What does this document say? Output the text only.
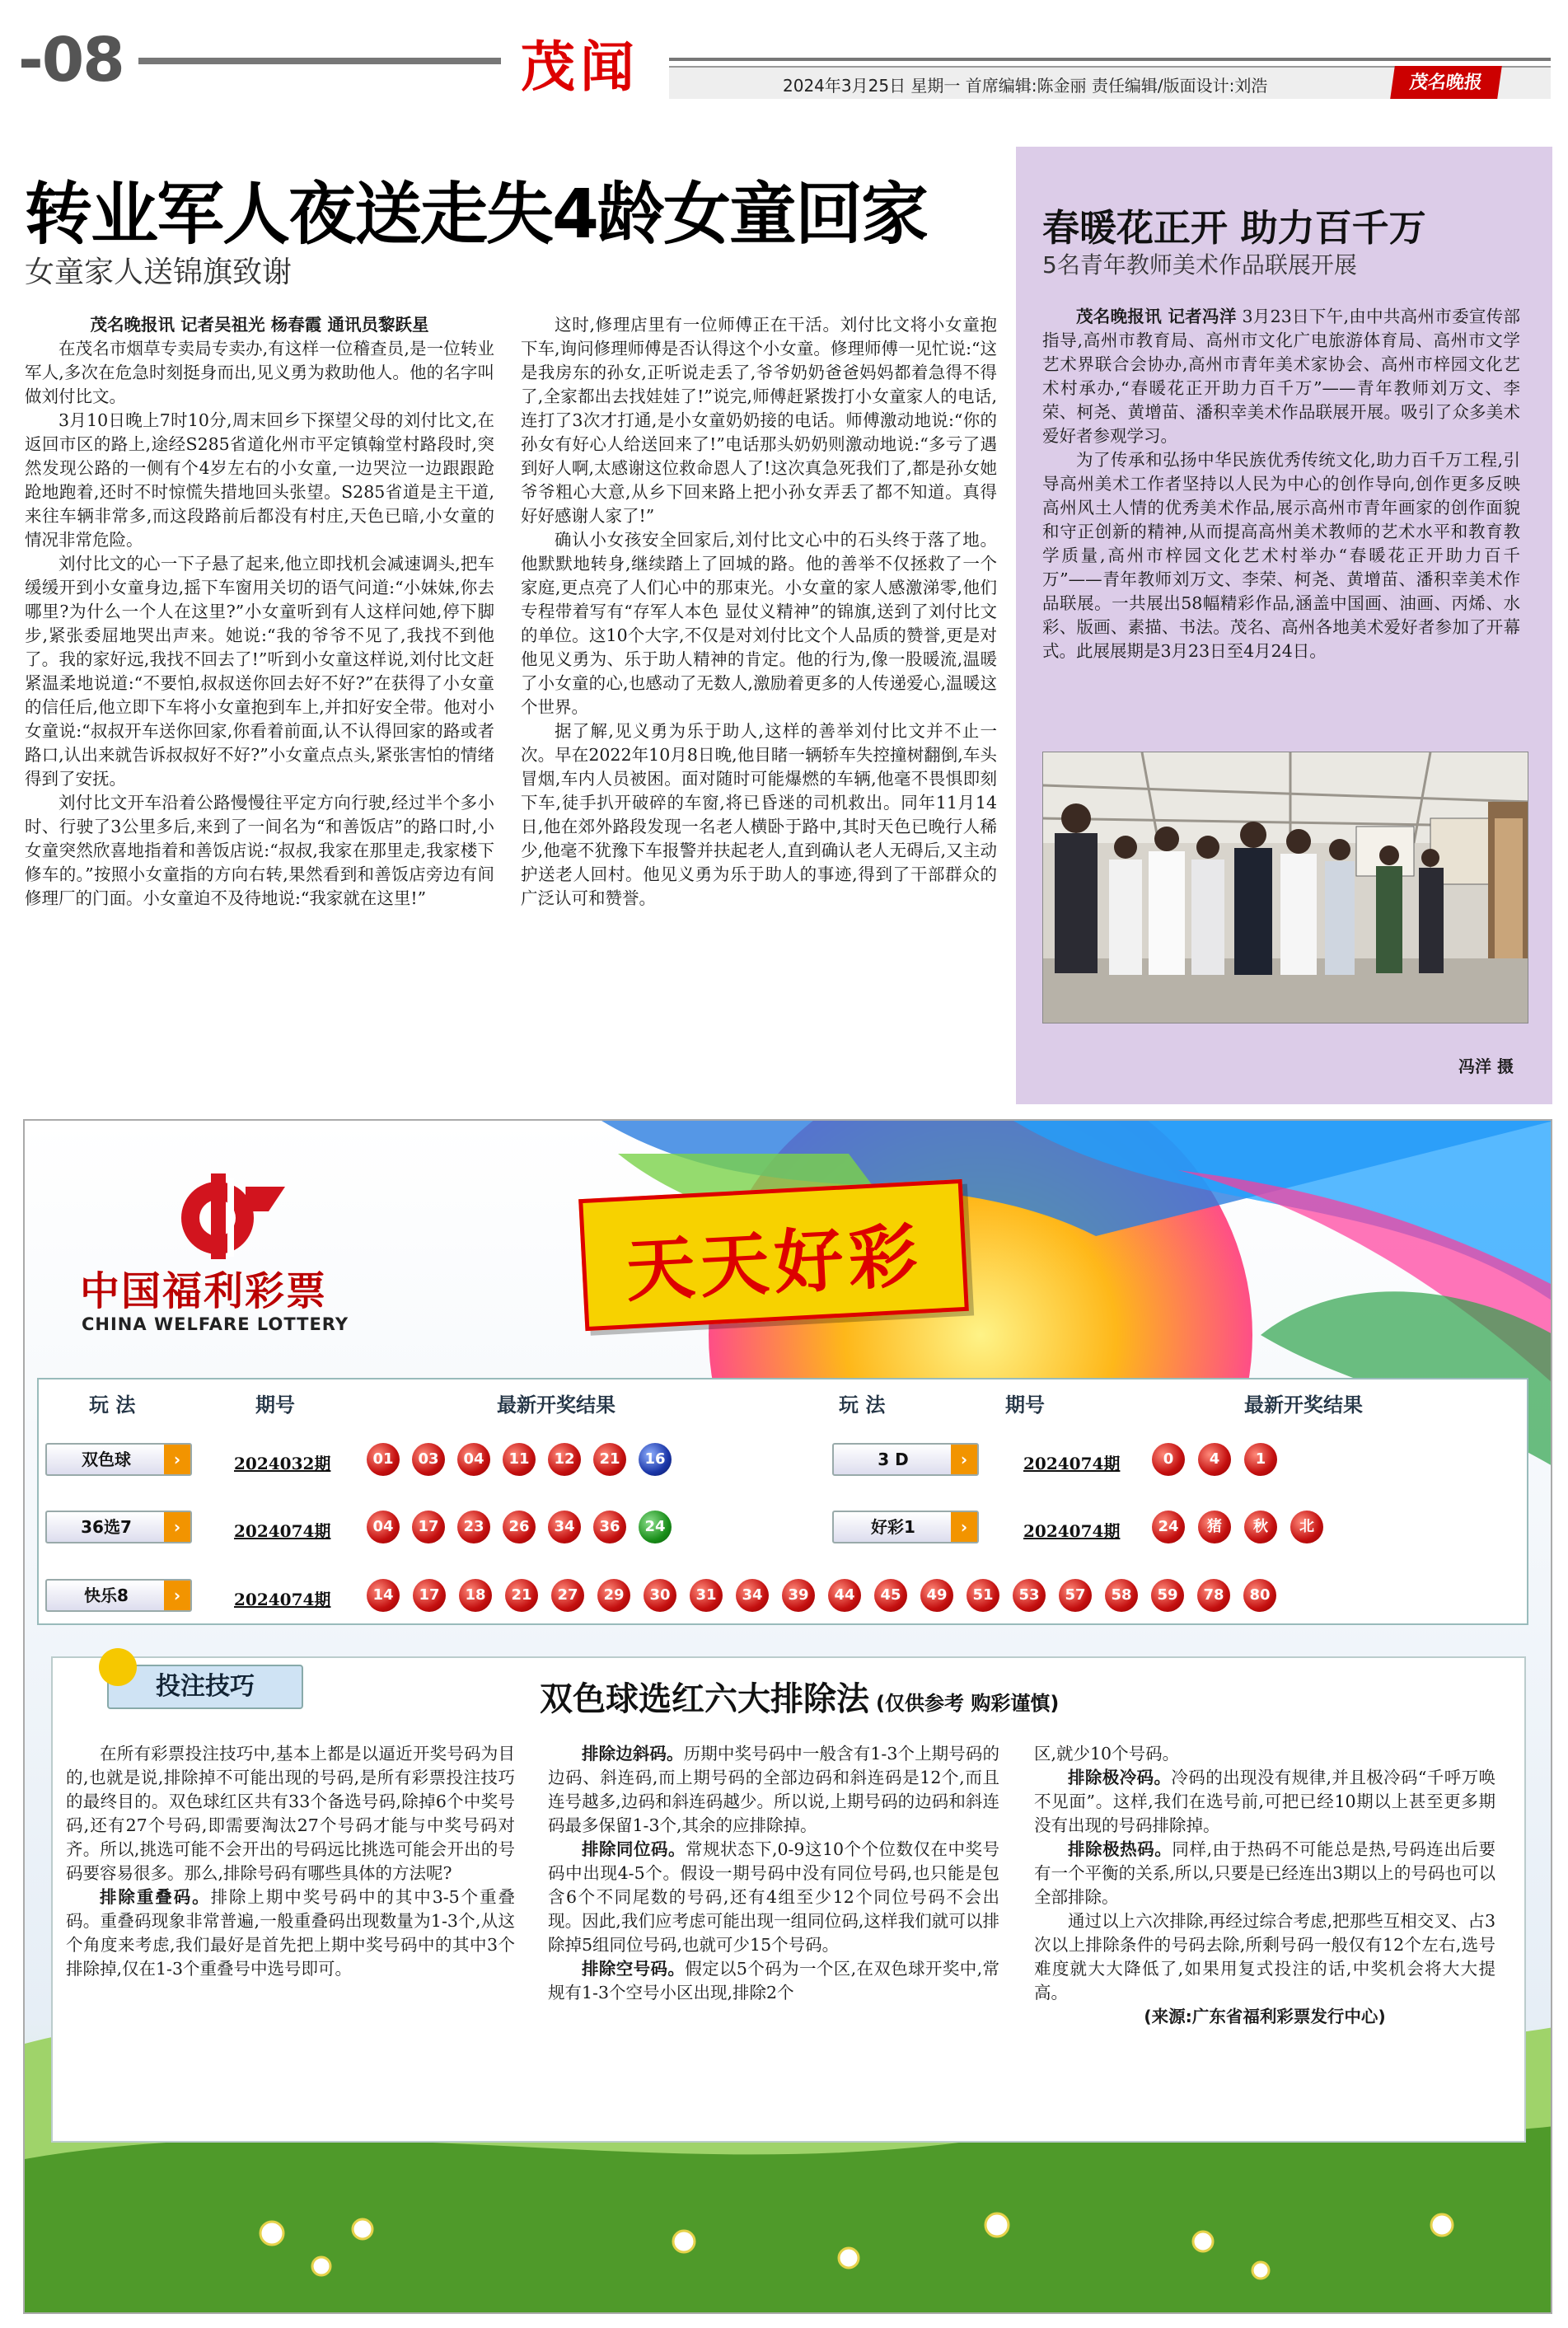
-08	茂闻	2024年3月25日 星期一 首席编辑:陈金丽 责任编辑/版面设计:刘浩	茂名晚报
转业军人夜送走失4龄女童回家
女童家人送锦旗致谢

茂名晚报讯 记者吴祖光 杨春霞 通讯员黎跃星

在茂名市烟草专卖局专卖办,有这样一位稽查员,是一位转业军人,多次在危急时刻挺身而出,见义勇为救助他人。他的名字叫做刘付比文。

3月10日晚上7时10分,周末回乡下探望父母的刘付比文,在返回市区的路上,途经S285省道化州市平定镇翰堂村路段时,突然发现公路的一侧有个4岁左右的小女童,一边哭泣一边跟跟跄跄地跑着,还时不时惊慌失措地回头张望。S285省道是主干道,来往车辆非常多,而这段路前后都没有村庄,天色已暗,小女童的情况非常危险。

刘付比文的心一下子悬了起来,他立即找机会减速调头,把车缓缓开到小女童身边,摇下车窗用关切的语气问道:“小妹妹,你去哪里?为什么一个人在这里?”小女童听到有人这样问她,停下脚步,紧张委屈地哭出声来。她说:“我的爷爷不见了,我找不到他了。我的家好远,我找不回去了!”听到小女童这样说,刘付比文赶紧温柔地说道:“不要怕,叔叔送你回去好不好?”在获得了小女童的信任后,他立即下车将小女童抱到车上,并扣好安全带。他对小女童说:“叔叔开车送你回家,你看着前面,认不认得回家的路或者路口,认出来就告诉叔叔好不好?”小女童点点头,紧张害怕的情绪得到了安抚。

刘付比文开车沿着公路慢慢往平定方向行驶,经过半个多小时、行驶了3公里多后,来到了一间名为“和善饭店”的路口时,小女童突然欣喜地指着和善饭店说:“叔叔,我家在那里走,我家楼下修车的。”按照小女童指的方向右转,果然看到和善饭店旁边有间修理厂的门面。小女童迫不及待地说:“我家就在这里!”

这时,修理店里有一位师傅正在干活。刘付比文将小女童抱下车,询问修理师傅是否认得这个小女童。修理师傅一见忙说:“这是我房东的孙女,正听说走丢了,爷爷奶奶爸爸妈妈都着急得不得了,全家都出去找娃娃了!”说完,师傅赶紧拨打小女童家人的电话,连打了3次才打通,是小女童奶奶接的电话。师傅激动地说:“你的孙女有好心人给送回来了!”电话那头奶奶则激动地说:“多亏了遇到好人啊,太感谢这位救命恩人了!这次真急死我们了,都是孙女她爷爷粗心大意,从乡下回来路上把小孙女弄丢了都不知道。真得好好感谢人家了!”

确认小女孩安全回家后,刘付比文心中的石头终于落了地。他默默地转身,继续踏上了回城的路。他的善举不仅拯救了一个家庭,更点亮了人们心中的那束光。小女童的家人感激涕零,他们专程带着写有“存军人本色 显仗义精神”的锦旗,送到了刘付比文的单位。这10个大字,不仅是对刘付比文个人品质的赞誉,更是对他见义勇为、乐于助人精神的肯定。他的行为,像一股暖流,温暖了小女童的心,也感动了无数人,激励着更多的人传递爱心,温暖这个世界。

据了解,见义勇为乐于助人,这样的善举刘付比文并不止一次。早在2022年10月8日晚,他目睹一辆轿车失控撞树翻倒,车头冒烟,车内人员被困。面对随时可能爆燃的车辆,他毫不畏惧即刻下车,徒手扒开破碎的车窗,将已昏迷的司机救出。同年11月14日,他在郊外路段发现一名老人横卧于路中,其时天色已晚行人稀少,他毫不犹豫下车报警并扶起老人,直到确认老人无碍后,又主动护送老人回村。他见义勇为乐于助人的事迹,得到了干部群众的广泛认可和赞誉。

春暖花正开 助力百千万
5名青年教师美术作品联展开展

茂名晚报讯 记者冯洋 3月23日下午,由中共高州市委宣传部指导,高州市教育局、高州市文化广电旅游体育局、高州市文学艺术界联合会协办,高州市青年美术家协会、高州市梓园文化艺术村承办,“春暖花正开助力百千万”——青年教师刘万文、李荣、柯尧、黄增苗、潘积幸美术作品联展开展。吸引了众多美术爱好者参观学习。

为了传承和弘扬中华民族优秀传统文化,助力百千万工程,引导高州美术工作者坚持以人民为中心的创作导向,创作更多反映高州风土人情的优秀美术作品,展示高州市青年画家的创作面貌和守正创新的精神,从而提高高州美术教师的艺术水平和教育教学质量,高州市梓园文化艺术村举办“春暖花正开助力百千万”——青年教师刘万文、李荣、柯尧、黄增苗、潘积幸美术作品联展。一共展出58幅精彩作品,涵盖中国画、油画、丙烯、水彩、版画、素描、书法。茂名、高州各地美术爱好者参加了开幕式。此展展期是3月23日至4月24日。

冯洋 摄
中国福利彩票
CHINA WELFARE LOTTERY
天天好彩
玩 法	期号	最新开奖结果	玩 法	期号	最新开奖结果
双色球	›	2024032期	01	03	04	11	12	21	16
36选7	›	2024074期	04	17	23	26	34	36	24
快乐8	›	2024074期	14	17	18	21	27	29	30	31	34	39	44	45	49	51	53	57	58	59	78	80
3 D	›	2024074期	0	4	1
好彩1	›	2024074期	24	猪	秋	北
投注技巧	双色球选红六大排除法 (仅供参考 购彩谨慎)

在所有彩票投注技巧中,基本上都是以逼近开奖号码为目的,也就是说,排除掉不可能出现的号码,是所有彩票投注技巧的最终目的。双色球红区共有33个备选号码,除掉6个中奖号码,还有27个号码,即需要淘汰27个号码才能与中奖号码对齐。所以,挑选可能不会开出的号码远比挑选可能会开出的号码要容易很多。那么,排除号码有哪些具体的方法呢?

排除重叠码。排除上期中奖号码中的其中3-5个重叠码。重叠码现象非常普遍,一般重叠码出现数量为1-3个,从这个角度来考虑,我们最好是首先把上期中奖号码中的其中3个排除掉,仅在1-3个重叠号中选号即可。

排除边斜码。历期中奖号码中一般含有1-3个上期号码的边码、斜连码,而上期号码的全部边码和斜连码是12个,而且连号越多,边码和斜连码越少。所以说,上期号码的边码和斜连码最多保留1-3个,其余的应排除掉。

排除同位码。常规状态下,0-9这10个个位数仅在中奖号码中出现4-5个。假设一期号码中没有同位号码,也只能是包含6个不同尾数的号码,还有4组至少12个同位号码不会出现。因此,我们应考虑可能出现一组同位码,这样我们就可以排除掉5组同位号码,也就可少15个号码。

排除空号码。假定以5个码为一个区,在双色球开奖中,常规有1-3个空号小区出现,排除2个

区,就少10个号码。

排除极冷码。冷码的出现没有规律,并且极冷码“千呼万唤不见面”。这样,我们在选号前,可把已经10期以上甚至更多期没有出现的号码排除掉。

排除极热码。同样,由于热码不可能总是热,号码连出后要有一个平衡的关系,所以,只要是已经连出3期以上的号码也可以全部排除。

通过以上六次排除,再经过综合考虑,把那些互相交叉、占3次以上排除条件的号码去除,所剩号码一般仅有12个左右,选号难度就大大降低了,如果用复式投注的话,中奖机会将大大提高。

(来源:广东省福利彩票发行中心)
